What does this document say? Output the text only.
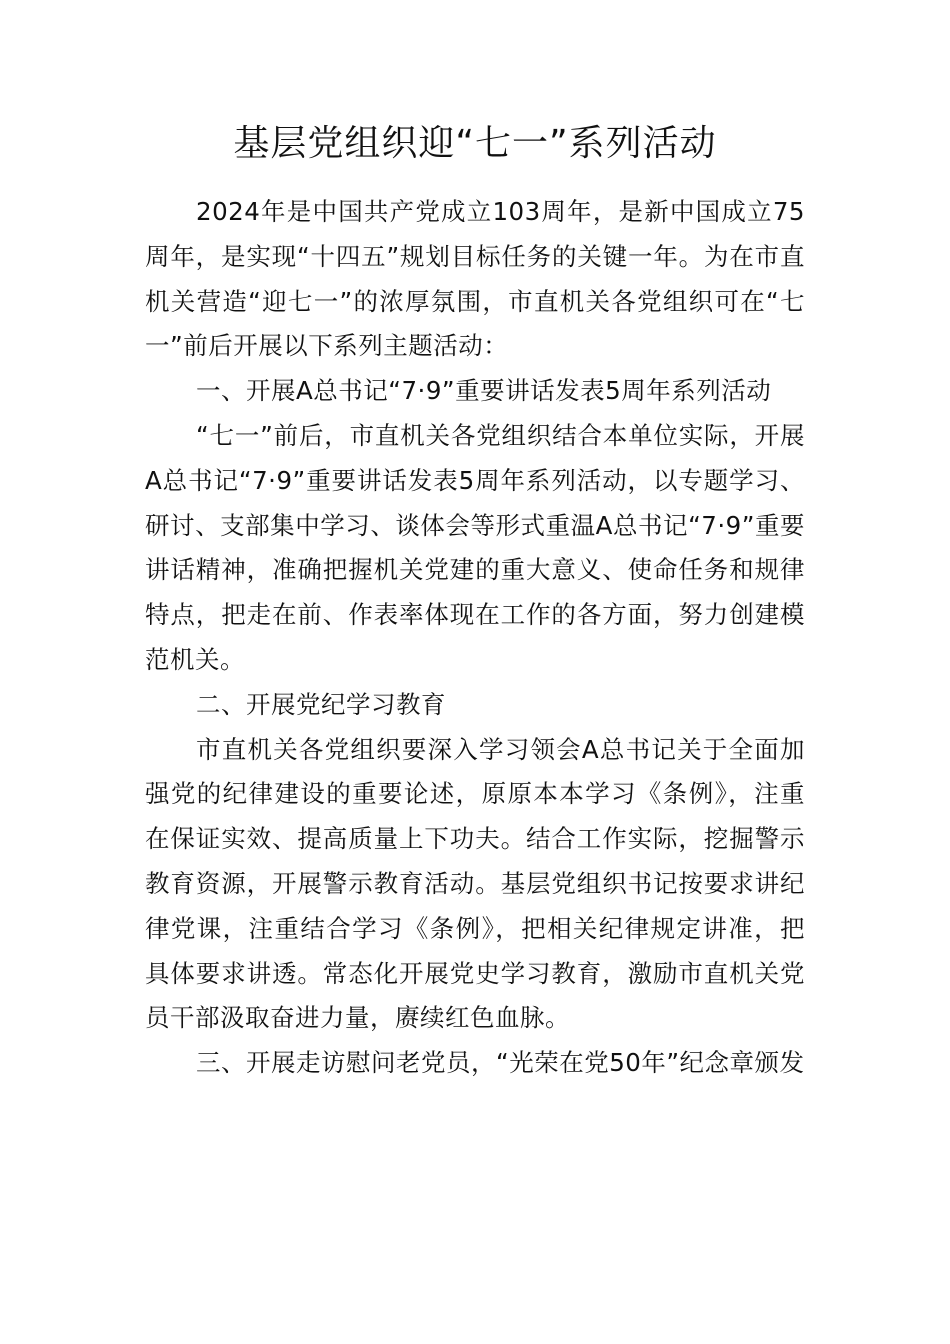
基层党组织迎“七一”系列活动

2024年是中国共产党成立103周年，是新中国成立75周年，是实现“十四五”规划目标任务的关键一年。为在市直机关营造“迎七一”的浓厚氛围，市直机关各党组织可在“七一”前后开展以下系列主题活动：

一、开展A总书记“7·9”重要讲话发表5周年系列活动

“七一”前后，市直机关各党组织结合本单位实际，开展A总书记“7·9”重要讲话发表5周年系列活动，以专题学习、研讨、支部集中学习、谈体会等形式重温A总书记“7·9”重要讲话精神，准确把握机关党建的重大意义、使命任务和规律特点，把走在前、作表率体现在工作的各方面，努力创建模范机关。

二、开展党纪学习教育

市直机关各党组织要深入学习领会A总书记关于全面加强党的纪律建设的重要论述，原原本本学习《条例》，注重在保证实效、提高质量上下功夫。结合工作实际，挖掘警示教育资源，开展警示教育活动。基层党组织书记按要求讲纪律党课，注重结合学习《条例》，把相关纪律规定讲准，把具体要求讲透。常态化开展党史学习教育，激励市直机关党员干部汲取奋进力量，赓续红色血脉。

三、开展走访慰问老党员，“光荣在党50年”纪念章颁发
